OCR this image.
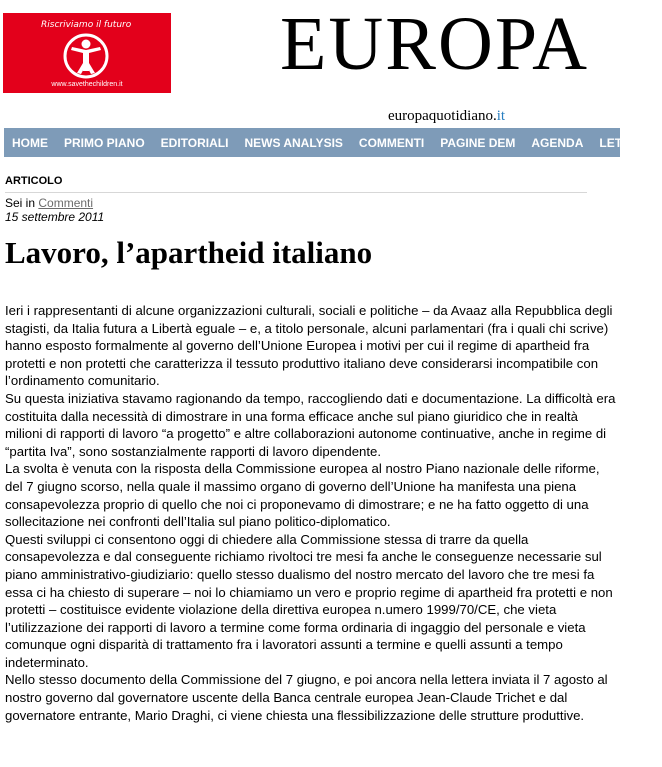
Riscriviamo il futuro
www.savethechildren.it	EUROPA
europaquotidiano.it
HOME	PRIMO PIANO	EDITORIALI	NEWS ANALYSIS	COMMENTI	PAGINE DEM	AGENDA	LETTERE
ARTICOLO
Sei in Commenti
15 settembre 2011
Lavoro, l’apartheid italiano

Ieri i rappresentanti di alcune organizzazioni culturali, sociali e politiche – da Avaaz alla Repubblica degli stagisti, da Italia futura a Libertà eguale – e, a titolo personale, alcuni parlamentari (fra i quali chi scrive) hanno esposto formalmente al governo dell’Unione Europea i motivi per cui il regime di apartheid fra protetti e non protetti che caratterizza il tessuto produttivo italiano deve considerarsi incompatibile con l’ordinamento comunitario.

Su questa iniziativa stavamo ragionando da tempo, raccogliendo dati e documentazione. La difficoltà era costituita dalla necessità di dimostrare in una forma efficace anche sul piano giuridico che in realtà milioni di rapporti di lavoro “a progetto” e altre collaborazioni autonome continuative, anche in regime di “partita Iva”, sono sostanzialmente rapporti di lavoro dipendente.

La svolta è venuta con la risposta della Commissione europea al nostro Piano nazionale delle riforme, del 7 giugno scorso, nella quale il massimo organo di governo dell’Unione ha manifesta una piena consapevolezza proprio di quello che noi ci proponevamo di dimostrare; e ne ha fatto oggetto di una sollecitazione nei confronti dell’Italia sul piano politico-diplomatico.

Questi sviluppi ci consentono oggi di chiedere alla Commissione stessa di trarre da quella consapevolezza e dal conseguente richiamo rivoltoci tre mesi fa anche le conseguenze necessarie sul piano amministrativo-giudiziario: quello stesso dualismo del nostro mercato del lavoro che tre mesi fa essa ci ha chiesto di superare – noi lo chiamiamo un vero e proprio regime di apartheid fra protetti e non protetti – costituisce evidente violazione della direttiva europea n.umero 1999/70/CE, che vieta l’utilizzazione dei rapporti di lavoro a termine come forma ordinaria di ingaggio del personale e vieta comunque ogni disparità di trattamento fra i lavoratori assunti a termine e quelli assunti a tempo indeterminato.

Nello stesso documento della Commissione del 7 giugno, e poi ancora nella lettera inviata il 7 agosto al nostro governo dal governatore uscente della Banca centrale europea Jean-Claude Trichet e dal governatore entrante, Mario Draghi, ci viene chiesta una flessibilizzazione delle strutture produttive.
